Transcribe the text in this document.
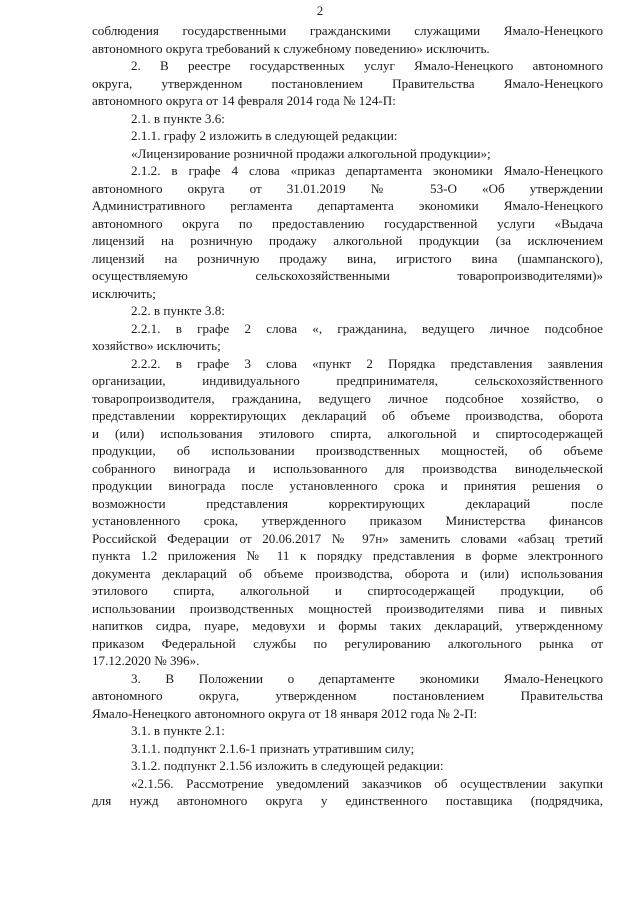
2
соблюдения государственными гражданскими служащими Ямало-Ненецкого
автономного округа требований к служебному поведению» исключить.
2. В реестре государственных услуг Ямало-Ненецкого автономного
округа, утвержденном постановлением Правительства Ямало-Ненецкого
автономного округа от 14 февраля 2014 года № 124-П:
2.1. в пункте 3.6:
2.1.1. графу 2 изложить в следующей редакции:
«Лицензирование розничной продажи алкогольной продукции»;
2.1.2. в графе 4 слова «приказ департамента экономики Ямало-Ненецкого
автономного округа от 31.01.2019 № 53-О «Об утверждении
Административного регламента департамента экономики Ямало-Ненецкого
автономного округа по предоставлению государственной услуги «Выдача
лицензий на розничную продажу алкогольной продукции (за исключением
лицензий на розничную продажу вина, игристого вина (шампанского),
осуществляемую сельскохозяйственными товаропроизводителями)»
исключить;
2.2. в пункте 3.8:
2.2.1. в графе 2 слова «, гражданина, ведущего личное подсобное
хозяйство» исключить;
2.2.2. в графе 3 слова «пункт 2 Порядка представления заявления
организации, индивидуального предпринимателя, сельскохозяйственного
товаропроизводителя, гражданина, ведущего личное подсобное хозяйство, о
представлении корректирующих деклараций об объеме производства, оборота
и (или) использования этилового спирта, алкогольной и спиртосодержащей
продукции, об использовании производственных мощностей, об объеме
собранного винограда и использованного для производства винодельческой
продукции винограда после установленного срока и принятия решения о
возможности представления корректирующих деклараций после
установленного срока, утвержденного приказом Министерства финансов
Российской Федерации от 20.06.2017 № 97н» заменить словами «абзац третий
пункта 1.2 приложения № 11 к порядку представления в форме электронного
документа деклараций об объеме производства, оборота и (или) использования
этилового спирта, алкогольной и спиртосодержащей продукции, об
использовании производственных мощностей производителями пива и пивных
напитков сидра, пуаре, медовухи и формы таких деклараций, утвержденному
приказом Федеральной службы по регулированию алкогольного рынка от
17.12.2020 № 396».
3. В Положении о департаменте экономики Ямало-Ненецкого
автономного округа, утвержденном постановлением Правительства
Ямало-Ненецкого автономного округа от 18 января 2012 года № 2-П:
3.1. в пункте 2.1:
3.1.1. подпункт 2.1.6-1 признать утратившим силу;
3.1.2. подпункт 2.1.56 изложить в следующей редакции:
«2.1.56. Рассмотрение уведомлений заказчиков об осуществлении закупки
для нужд автономного округа у единственного поставщика (подрядчика,
